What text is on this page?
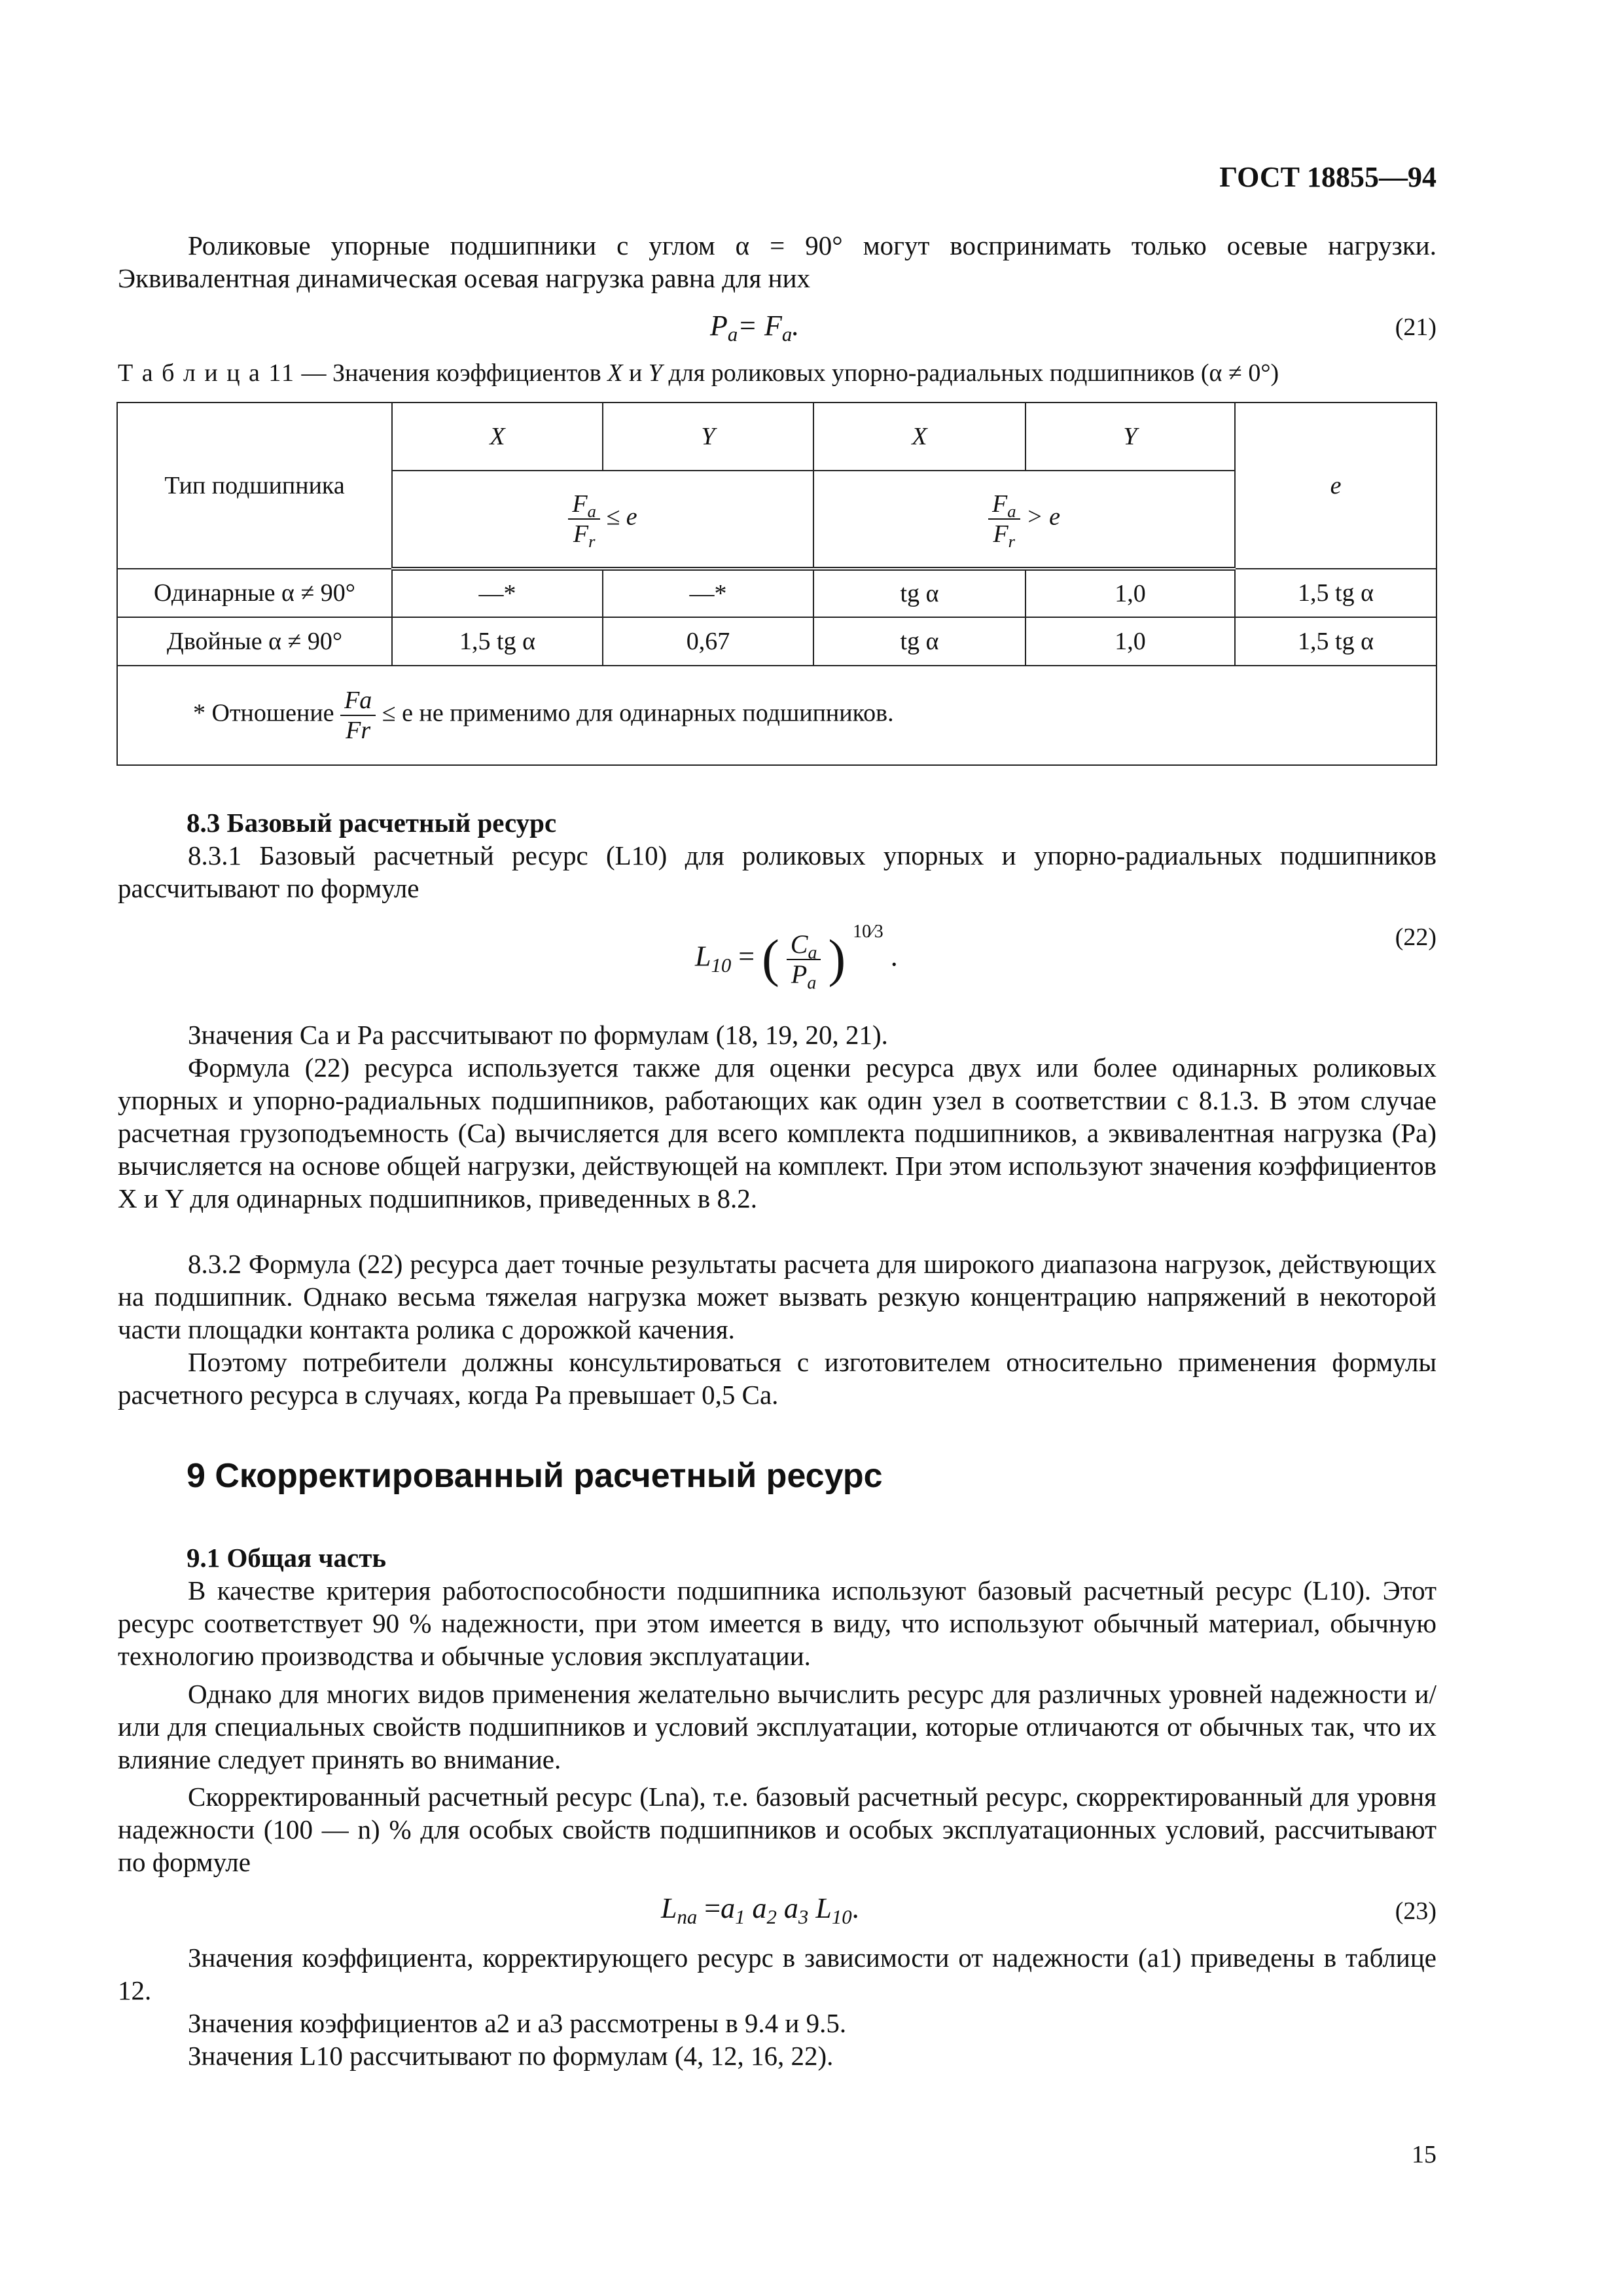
ГОСТ 18855—94
Роликовые упорные подшипники с углом α = 90° могут воспринимать только осевые нагрузки. Эквивалентная динамическая осевая нагрузка равна для них
$P_a= F_a$.	(21)
Т а б л и ц а 11 — Значения коэффициентов X и Y для роликовых упорно-радиальных подшипников (α ≠ 0°)
Тип подшипника	X	Y	X	Y	e

	$\frac{F_a}{F_r} \le e$		$\frac{F_a}{F_r} > e$		
Одинарные α ≠ 90°	—*	—*	tg α	1,0	1,5 tg α
Двойные α ≠ 90°	1,5 tg α	0,67	tg α	1,0	1,5 tg α
* Отношение $\frac{Fa}{Fr} \le e$ не применимо для одинарных подшипников.					
8.3 Базовый расчетный ресурс
8.3.1 Базовый расчетный ресурс (L10) для роликовых упорных и упорно-радиальных подшипников рассчитывают по формуле
$L_{10}$ = ( $\frac{C_a}{P_a}$ ) $^{10⁄3}$ .
(22)
Значения Ca и Pa рассчитывают по формулам (18, 19, 20, 21).
Формула (22) ресурса используется также для оценки ресурса двух или более одинарных роликовых упорных и упорно-радиальных подшипников, работающих как один узел в соответствии с 8.1.3. В этом случае расчетная грузоподъемность (Ca) вычисляется для всего комплекта подшипников, а эквивалентная нагрузка (Pa) вычисляется на основе общей нагрузки, действующей на комплект. При этом используют значения коэффициентов X и Y для одинарных подшипников, приведенных в 8.2.
8.3.2 Формула (22) ресурса дает точные результаты расчета для широкого диапазона нагрузок, действующих на подшипник. Однако весьма тяжелая нагрузка может вызвать резкую концентрацию напряжений в некоторой части площадки контакта ролика с дорожкой качения.
Поэтому потребители должны консультироваться с изготовителем относительно применения формулы расчетного ресурса в случаях, когда Pa превышает 0,5 Ca.
9 Скорректированный расчетный ресурс
9.1 Общая часть
В качестве критерия работоспособности подшипника используют базовый расчетный ресурс (L10). Этот ресурс соответствует 90 % надежности, при этом имеется в виду, что используют обычный материал, обычную технологию производства и обычные условия эксплуатации.
Однако для многих видов применения желательно вычислить ресурс для различных уровней надежности и/или для специальных свойств подшипников и условий эксплуатации, которые отличаются от обычных так, что их влияние следует принять во внимание.
Скорректированный расчетный ресурс (Lna), т.е. базовый расчетный ресурс, скорректированный для уровня надежности (100 — n) % для особых свойств подшипников и особых эксплуатационных условий, рассчитывают по формуле
$L_{na} =a_1$ $a_2$ $a_3$ $L_{10}$.	(23)
Значения коэффициента, корректирующего ресурс в зависимости от надежности (a1) приведены в таблице 12.
Значения коэффициентов a2 и a3 рассмотрены в 9.4 и 9.5.
Значения L10 рассчитывают по формулам (4, 12, 16, 22).
15
